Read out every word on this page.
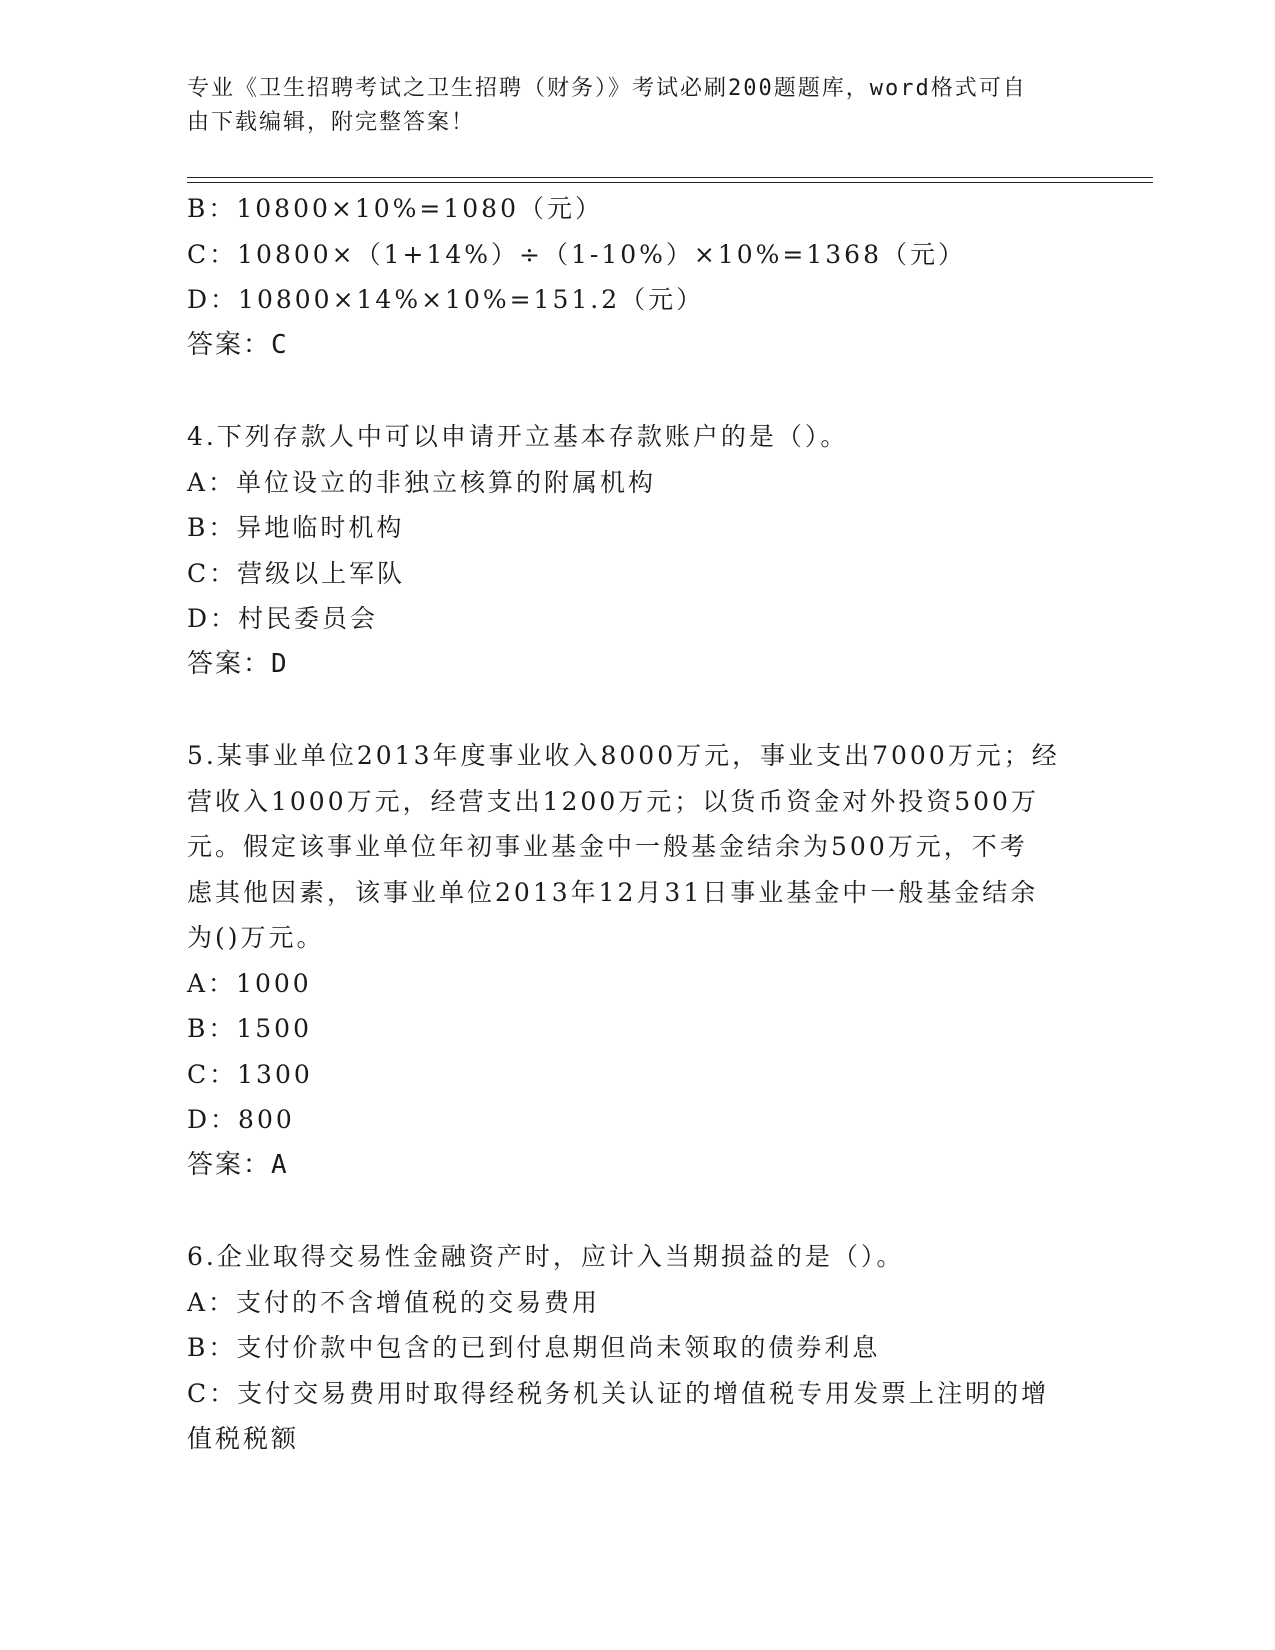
专业《卫生招聘考试之卫生招聘（财务）》考试必刷200题题库，word格式可自
由下载编辑，附完整答案！
B：10800×10%=1080（元）
C：10800×（1+14%）÷（1-10%）×10%=1368（元）
D：10800×14%×10%=151.2（元）
答案：C
4.下列存款人中可以申请开立基本存款账户的是（）。
A：单位设立的非独立核算的附属机构
B：异地临时机构
C：营级以上军队
D：村民委员会
答案：D
5.某事业单位2013年度事业收入8000万元，事业支出7000万元；经
营收入1000万元，经营支出1200万元；以货币资金对外投资500万
元。假定该事业单位年初事业基金中一般基金结余为500万元，不考
虑其他因素，该事业单位2013年12月31日事业基金中一般基金结余
为()万元。
A：1000
B：1500
C：1300
D：800
答案：A
6.企业取得交易性金融资产时，应计入当期损益的是（）。
A：支付的不含增值税的交易费用
B：支付价款中包含的已到付息期但尚未领取的债券利息
C：支付交易费用时取得经税务机关认证的增值税专用发票上注明的增
值税税额
